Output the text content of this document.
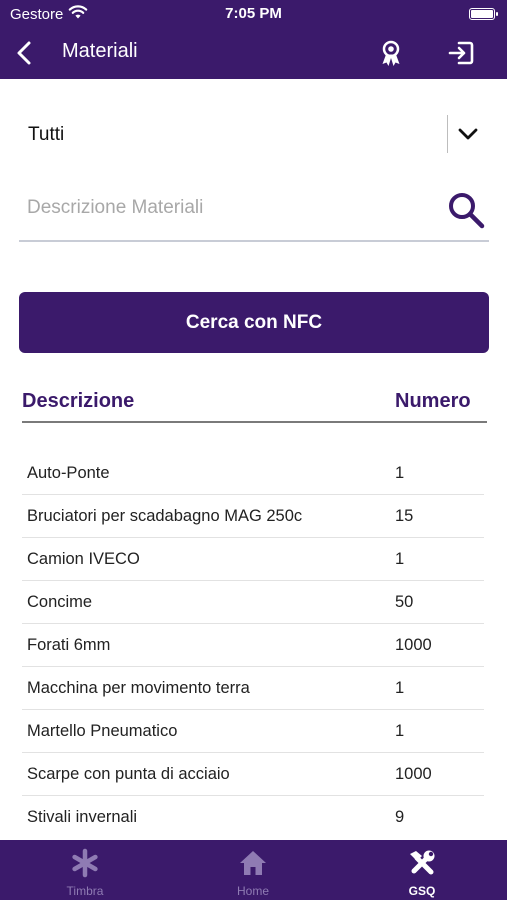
Gestore	7:05 PM
Materiali
Tutti
Descrizione Materiali
Cerca con NFC
Descrizione	Numero
Auto-Ponte	1
Bruciatori per scadabagno MAG 250c	15
Camion IVECO	1
Concime	50
Forati 6mm	1000
Macchina per movimento terra	1
Martello Pneumatico	1
Scarpe con punta di acciaio	1000
Stivali invernali	9
Timbra	Home	GSQ
